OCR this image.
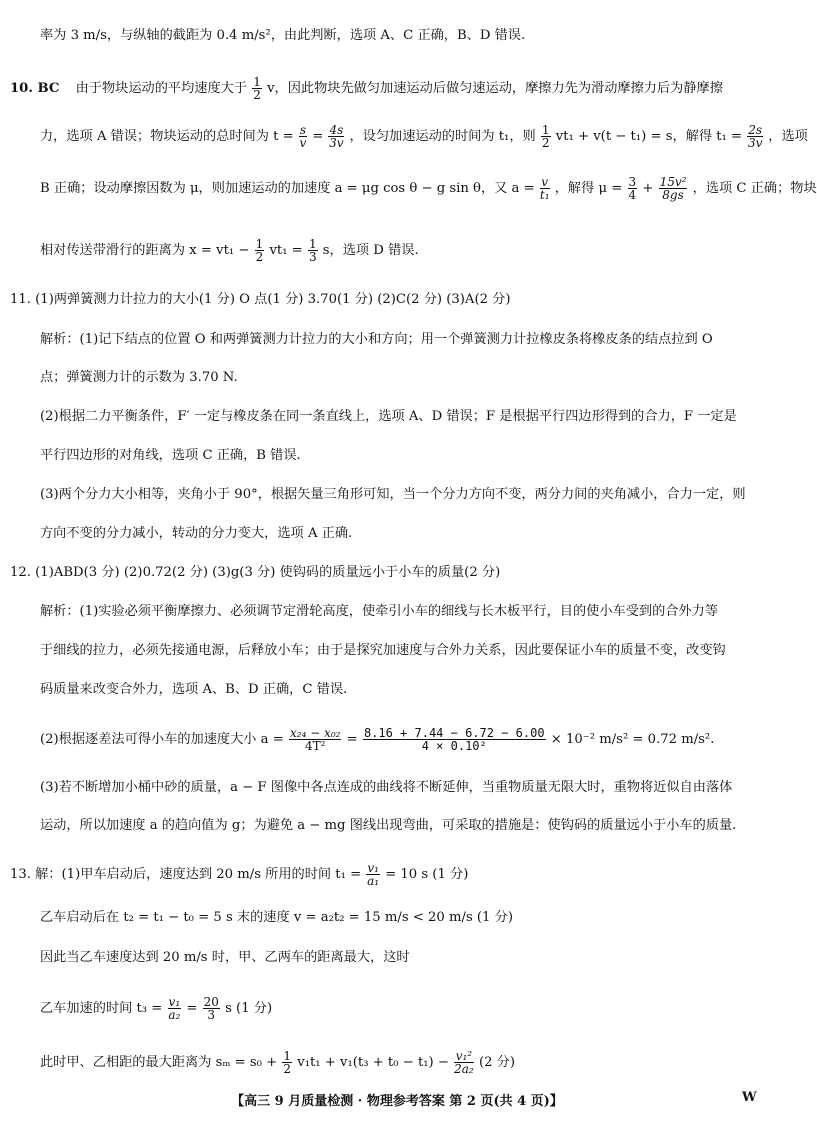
率为 3 m/s，与纵轴的截距为 0.4 m/s²，由此判断，选项 A、C 正确，B、D 错误.
10. BC 由于物块运动的平均速度大于 $\frac{1}{2}$ v，因此物块先做匀加速运动后做匀速运动，摩擦力先为滑动摩擦力后为静摩擦
力，选项 A 错误；物块运动的总时间为 $t = \frac{s}{v} = \frac{4s}{3v}$ ，设匀加速运动的时间为 t₁，则 $\frac{1}{2} vt_1 + v(t - t_1) = s$，解得 $t_1 = \frac{2s}{3v}$ ，选项
B 正确；设动摩擦因数为 μ，则加速运动的加速度 a = μg cos θ − g sin θ，又 $a = \frac{v}{\text{t₁}}$ ，解得 $\mu = \frac{3}{4} + \frac{\text{15v²}}{8gs}$ ，选项 C 正确；物块
相对传送带滑行的距离为 $x = vt_1 - \frac{1}{2} vt_1 = \frac{1}{3}$ s，选项 D 错误.
11. (1)两弹簧测力计拉力的大小(1 分) O 点(1 分) 3.70(1 分) (2)C(2 分) (3)A(2 分)
解析：(1)记下结点的位置 O 和两弹簧测力计拉力的大小和方向；用一个弹簧测力计拉橡皮条将橡皮条的结点拉到 O
点；弹簧测力计的示数为 3.70 N.
(2)根据二力平衡条件，F′ 一定与橡皮条在同一条直线上，选项 A、D 错误；F 是根据平行四边形得到的合力，F 一定是
平行四边形的对角线，选项 C 正确，B 错误.
(3)两个分力大小相等，夹角小于 90°，根据矢量三角形可知，当一个分力方向不变，两分力间的夹角减小，合力一定，则
方向不变的分力减小，转动的分力变大，选项 A 正确.
12. (1)ABD(3 分) (2)0.72(2 分) (3)g(3 分) 使钩码的质量远小于小车的质量(2 分)
解析：(1)实验必须平衡摩擦力、必须调节定滑轮高度，使牵引小车的细线与长木板平行，目的使小车受到的合外力等
于细线的拉力，必须先接通电源，后释放小车；由于是探究加速度与合外力关系，因此要保证小车的质量不变，改变钩
码质量来改变合外力，选项 A、B、D 正确，C 错误.
(2)根据逐差法可得小车的加速度大小 $a = \frac{\text{x₂₄ − x₀₂}}{\text{4T²}} = \frac{8.16 + 7.44 - 6.72 - 6.00}{\text{4 × 0.10²}} \times 10^{-2}$ m/s² = 0.72 m/s².
(3)若不断增加小桶中砂的质量，a − F 图像中各点连成的曲线将不断延伸，当重物质量无限大时，重物将近似自由落体
运动，所以加速度 a 的趋向值为 g；为避免 a − mg 图线出现弯曲，可采取的措施是：使钩码的质量远小于小车的质量.
13. 解：(1)甲车启动后，速度达到 20 m/s 所用的时间 $t_1 = \frac{\text{v₁}}{\text{a₁}} = 10$ s (1 分)
乙车启动后在 t₂ = t₁ − t₀ = 5 s 末的速度 v = a₂t₂ = 15 m/s < 20 m/s (1 分)
因此当乙车速度达到 20 m/s 时，甲、乙两车的距离最大，这时
乙车加速的时间 $t_3 = \frac{\text{v₁}}{\text{a₂}} = \frac{20}{3}$ s (1 分)
此时甲、乙相距的最大距离为 $s_m = s_0 + \frac{1}{2} v_1t_1 + v_1(t_3 + t_0 - t_1) - \frac{\text{v₁²}}{\text{2a₂}} (2$ 分)
【高三 9 月质量检测 · 物理参考答案 第 2 页(共 4 页)】	W
